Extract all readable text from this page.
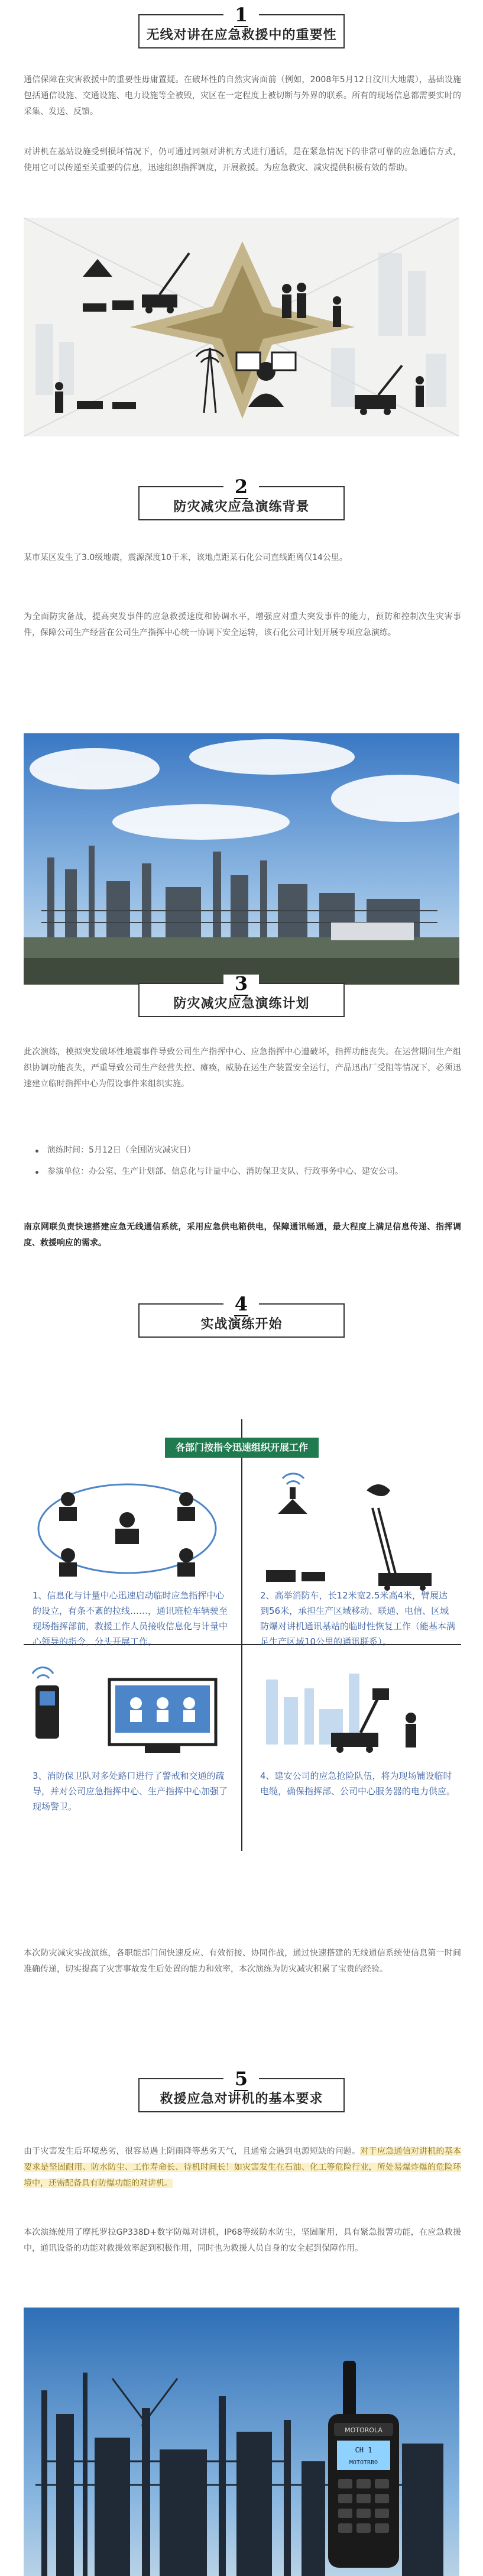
无线对讲在应急救援中的重要性
1
通信保障在灾害救援中的重要性毋庸置疑。在破坏性的自然灾害面前（例如，2008年5月12日汶川大地震），基础设施包括通信设施、交通设施、电力设施等全被毁，灾区在一定程度上被切断与外界的联系。所有的现场信息都需要实时的采集、发送、反馈。
对讲机在基站设施受到损坏情况下，仍可通过同频对讲机方式进行通话，是在紧急情况下的非常可靠的应急通信方式，使用它可以传递至关重要的信息，迅速组织指挥调度，开展救援。为应急救灾、减灾提供积极有效的帮助。
防灾减灾应急演练背景
2
某市某区发生了3.0级地震，震源深度10千米，该地点距某石化公司直线距离仅14公里。
为全面防灾备战，提高突发事件的应急救援速度和协调水平，增强应对重大突发事件的能力，预防和控制次生灾害事件，保障公司生产经营在公司生产指挥中心统一协调下安全运转，该石化公司计划开展专项应急演练。
防灾减灾应急演练计划
3
此次演练，模拟突发破坏性地震事件导致公司生产指挥中心、应急指挥中心遭破坏，指挥功能丧失。在运营期间生产组织协调功能丧失，严重导致公司生产经营失控、瘫痪，威胁在运生产装置安全运行，产品迅出厂受阻等情况下，必须迅速建立临时指挥中心为假设事件来组织实施。
演练时间：5月12日（全国防灾减灾日）
参演单位：办公室、生产计划部、信息化与计量中心、消防保卫支队、行政事务中心、建安公司。
南京网联负责快速搭建应急无线通信系统，采用应急供电箱供电，保障通讯畅通，最大程度上满足信息传递、指挥调度、救援响应的需求。
实战演练开始
4
各部门按指令迅速组织开展工作
1、信息化与计量中心迅速启动临时应急指挥中心的设立，有条不紊的拉线……，通讯班检车辆驶至现场指挥部前，救援工作人员接收信息化与计量中心领导的指令，分头开展工作。
2、高举消防车，长12米宽2.5米高4米，臂展达到56米，承担生产区域移动、联通、电信、区域防爆对讲机通讯基站的临时性恢复工作（能基本满足生产区域10公里的通讯联系）。
3、消防保卫队对多处路口进行了警戒和交通的疏导，并对公司应急指挥中心、生产指挥中心加强了现场警卫。
4、建安公司的应急抢险队伍，将为现场铺设临时电缆，确保指挥部、公司中心服务器的电力供应。
本次防灾减灾实战演练，各职能部门间快速反应、有效衔接、协同作战，通过快速搭建的无线通信系统使信息第一时间准确传递，切实提高了灾害事故发生后处置的能力和效率，本次演练为防灾减灾积累了宝贵的经验。
救援应急对讲机的基本要求
5
由于灾害发生后环境恶劣，很容易遇上阴雨降等恶劣天气，且通常会遇到电源短缺的问题。对于应急通信对讲机的基本要求是坚固耐用、防水防尘、工作寿命长、待机时间长！如灾害发生在石油、化工等危险行业，所处易爆炸爆的危险环境中，还需配备具有防爆功能的对讲机。
本次演练使用了摩托罗拉GP338D+数字防爆对讲机，IP68等级防水防尘，坚固耐用，具有紧急报警功能，在应急救援中，通讯设备的功能对救援效率起到积极作用，同时也为救援人员自身的安全起到保障作用。
MOTOROLA
CH 1
MOTOTRBO
